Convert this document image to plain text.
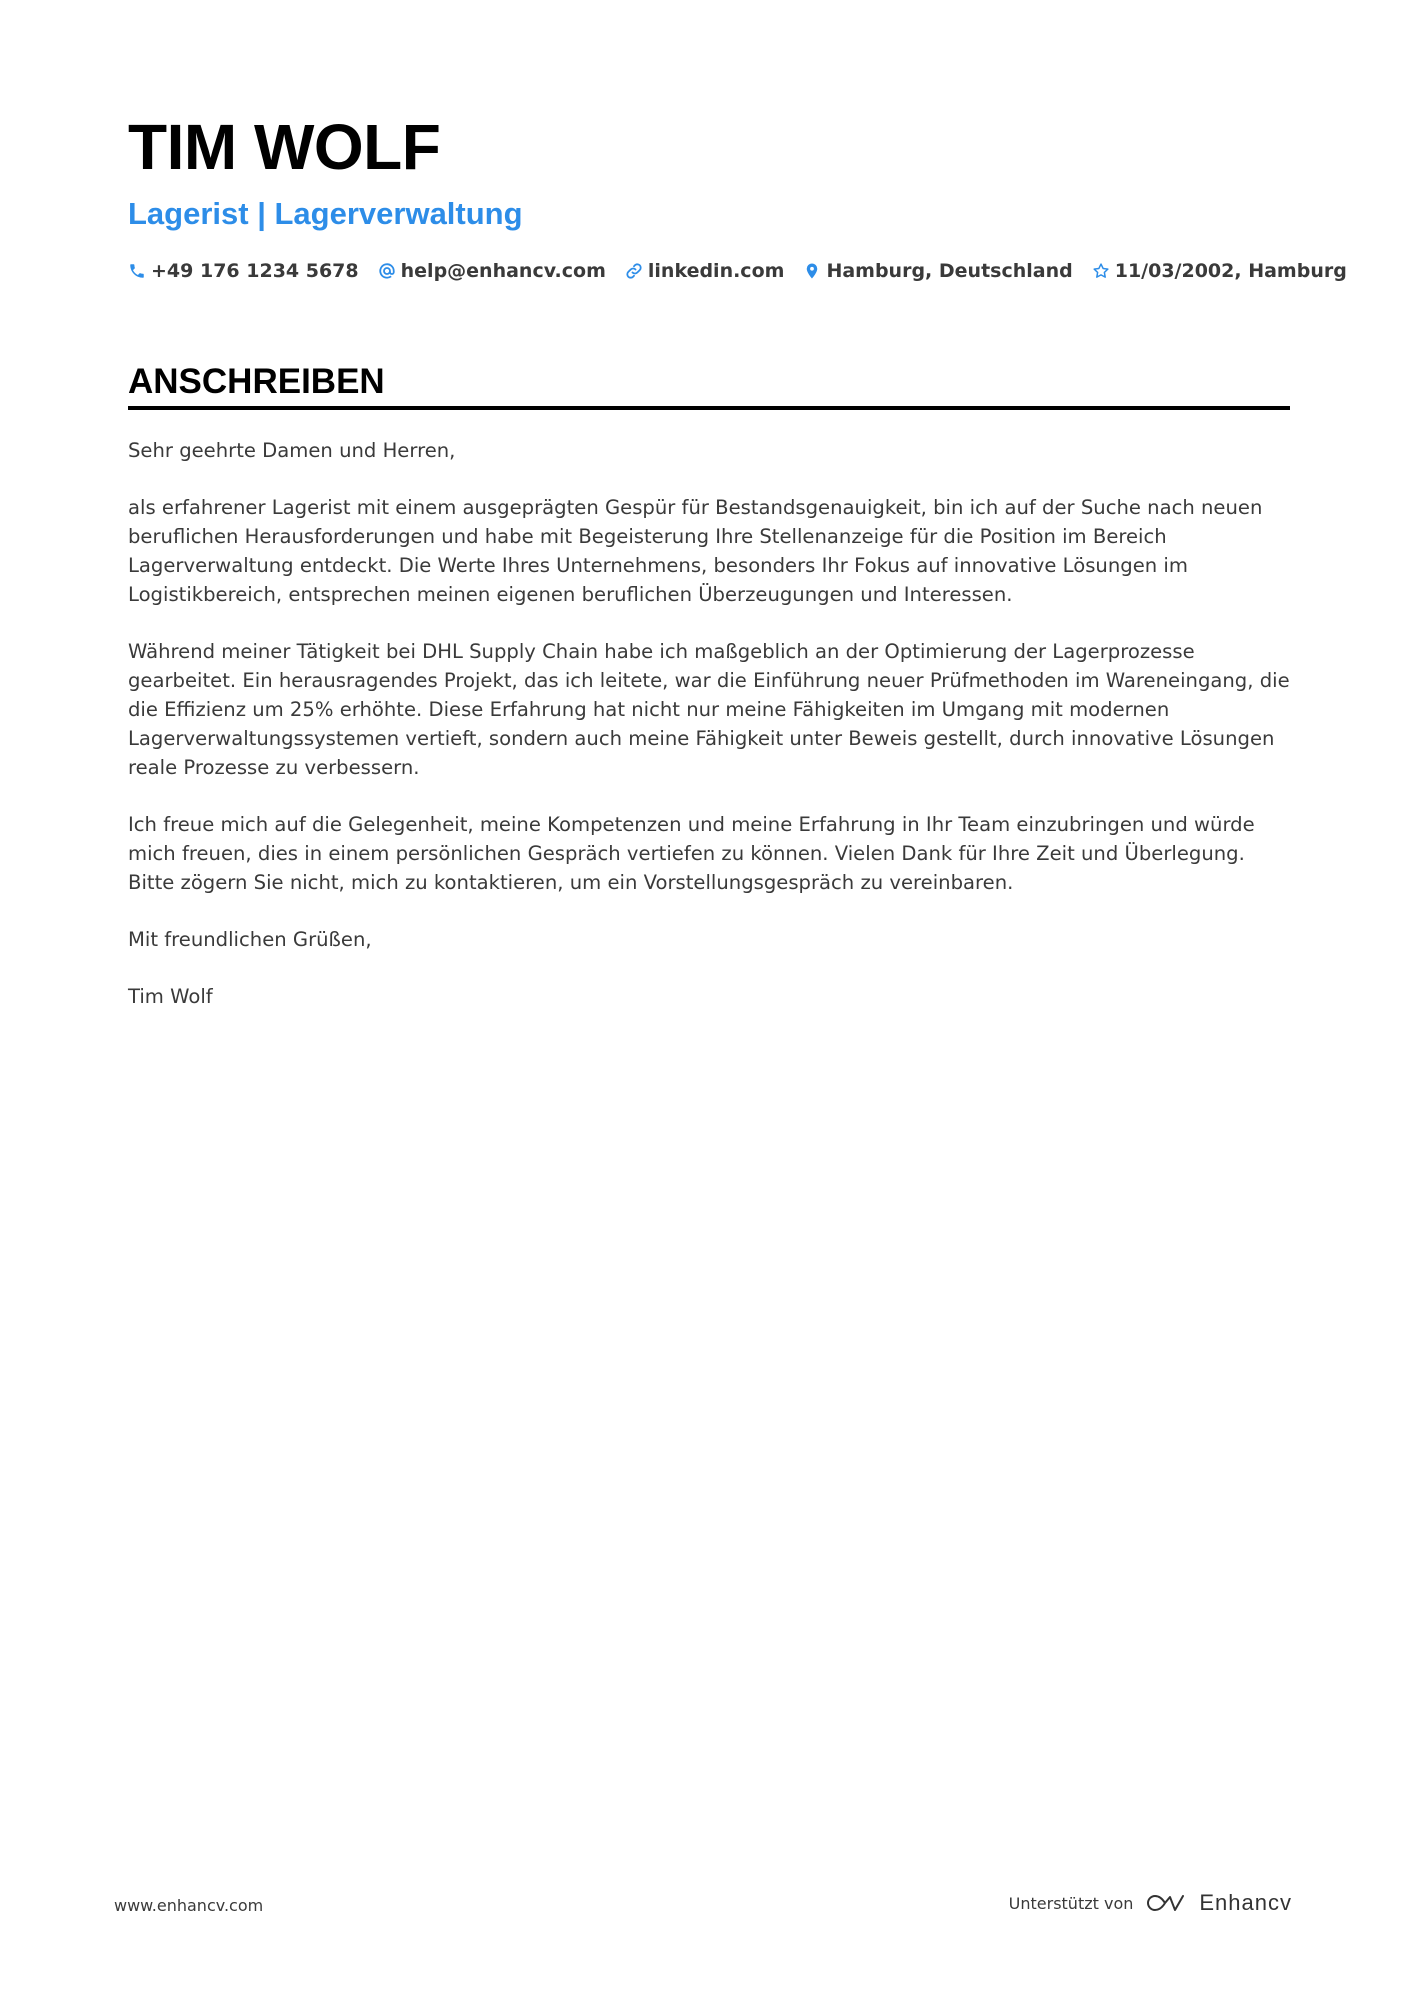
TIM WOLF
Lagerist | Lagerverwaltung
+49 176 1234 5678 help@enhancv.com linkedin.com Hamburg, Deutschland 11/03/2002, Hamburg
ANSCHREIBEN

Sehr geehrte Damen und Herren,

als erfahrener Lagerist mit einem ausgeprägten Gespür für Bestandsgenauigkeit, bin ich auf der Suche nach neuen beruflichen Herausforderungen und habe mit Begeisterung Ihre Stellenanzeige für die Position im Bereich Lagerverwaltung entdeckt. Die Werte Ihres Unternehmens, besonders Ihr Fokus auf innovative Lösungen im Logistikbereich, entsprechen meinen eigenen beruflichen Überzeugungen und Interessen.

Während meiner Tätigkeit bei DHL Supply Chain habe ich maßgeblich an der Optimierung der Lagerprozesse gearbeitet. Ein herausragendes Projekt, das ich leitete, war die Einführung neuer Prüfmethoden im Wareneingang, die die Effizienz um 25% erhöhte. Diese Erfahrung hat nicht nur meine Fähigkeiten im Umgang mit modernen Lagerverwaltungssystemen vertieft, sondern auch meine Fähigkeit unter Beweis gestellt, durch innovative Lösungen reale Prozesse zu verbessern.

Ich freue mich auf die Gelegenheit, meine Kompetenzen und meine Erfahrung in Ihr Team einzubringen und würde mich freuen, dies in einem persönlichen Gespräch vertiefen zu können. Vielen Dank für Ihre Zeit und Überlegung. Bitte zögern Sie nicht, mich zu kontaktieren, um ein Vorstellungsgespräch zu vereinbaren.

Mit freundlichen Grüßen,

Tim Wolf

www.enhancv.com	Unterstützt von	Enhancv
